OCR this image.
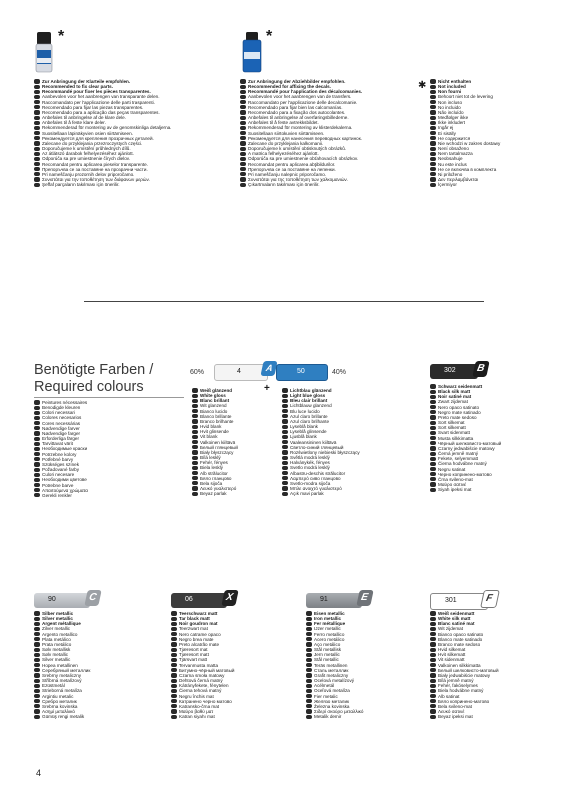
*	*
Zur Anbringung der Klarteile empfohlen.
Recommended to fix clear parts.
Recommandé pour fixer les pièces transparentes.
Aanbevolen voor het aanbrengen van transparante delen.
Raccomandato per l'applicazione delle parti trasparenti.
Recomendado para fijar las piezas transparentes.
Recomendado para a aplicação das peças transparentes.
Anbefales til anbringelse af de klare dele.
Anbefales til å feste klare deler.
Rekommenderad för montering av de genomskinliga detaljerna.
Suositellaan läpinäkyvien osien siirtämiseen.
Рекомендуется для крепления прозрачных деталей.
Zalecane do przyklejania przezroczystych części.
Doporučujeme k umístění průhledných dílů.
Az átlátszó darabok felhelyezéséhez ajánlott.
Odporúča sa pre umiestnenie čírych dielov.
Recomandat pentru aplicarea pieselor transparente.
Препоръчва се за поставяне на прозрачни части.
Pri nameščanju prozornih delov priporočamo.
Συνιστάται για την τοποθέτηση των διάφανων μερών.
Şeffaf parçaların takılması için önerilir.
Zur Anbringung der Abziehbilder empfohlen.
Recommended for affixing the decals.
Recommandé pour l'application des décalcomanies.
Aanbevolen voor het aanbrengen van de transfers.
Raccomandato per l'applicazione delle decalcomanie.
Recomendado para fijar bien las calcomanías.
Recomendado para a fixação dos autocolantes.
Anbefales til anbringelse af overføringsbillederne.
Anbefales til å feste avtrekksbildet.
Rekommenderad för montering av klisterdekalerna.
Suositellaan siirtokuvien siirtämiseen.
Рекомендуется для нанесения переводных картинок.
Zalecane do przyklejania kalkomanii.
Doporučujeme k umístění obtisknutých obrázků.
A matrica felhelyezéséhez ajánlott.
Odporúča sa pre umiestnenie obťahovacích obrázkov.
Recomandat pentru aplicarea abţibildurilor.
Препоръчва се за поставяне на лепенки.
Pri nameščanju nalepnic priporočamo.
Συνιστάται για της τοποθέτηση των χαλκομανιών.
Çıkartmaların takılması için önerilir.
✱	Nicht enthalten
Not included
Non fourni
Behoort niet tot de levering
Non incluso
No incluido
Não incluído
Medfølger ikke
Ikke inkludert
Ingår ej
Ei sisälly
Не содержится
Nie wchodzi w zakres dostawy
Není obsaženo
Nem tartalmazza
Neobsahuje
Nu este inclus
Не се включва в комплекта
Ni priloženo
Δεν περιλαμβάνεται
İçermiyor
Benötigte Farben /
Required colours
60%	4	A	50	40%
+
302 B
Peintures nécessaires
Benodigde kleuren
Colori necessari
Colores necesarios
Cores necessárias
Nødvendige farver
Nødvendige farger
Erforderliga färger
Tarvittavat värit
Необходимые краски
Potrzebne kolory
Potřebné barvy
Szükséges színek
Požadované farby
Culori necesare
Необходими цветове
Potrebne barve
Απαιτούμενα χρώματα
Gerekli renkler
Weiß glänzend
White gloss
Blanc brillant
Wit glanzend
Bianco lucido
Blanco brillante
Branco brilhante
Hvid blank
Hvit glinsende
Vit blank
Valkoinen kiiltävä
Белый глянцевый
Biały błyszczący
Bílá lesklý
Fehér, fényes
Biela lesklý
Alb strălucitor
Бяло гланцово
Bela sijoča
Λευκό γυαλιστερό
Beyaz parlak
Lichtblau glänzend
Light blue gloss
Bleu clair brillant
Lichtblauw glanzend
Blu luce lucido
Azul claro brillante
Azul claro brilhante
Lyseblå blank
Lyseblå glinsende
Ljusblå blank
Vaaleansininen kiiltävä
Светло-синий глянцевый
Rozświetlony niebieski błyszczący
Světlá modrá lesklý
Halványkék, fényes
Svetlo modrá lesklý
Albastru-deschis strălucitor
Λαμπερό сиво гланцово
Svetlo-modra sijoča
Μπλε ανοιχτό γυαλιστερό
Açık mavi parlak
Schwarz seidenmatt
Black silk matt
Noir satiné mat
Zwart zijdemat
Nero opaco satinato
Negro mate satinado
Preto mate sedoso
Sort silkemat
Sort silkematt
Svart sidenmatt
Musta silkkimatta
Чёрный шелковисто-матовый
Czarny jedwabiście matowy
Černá jemně matný
Fekete, selyemmatt
Čierna hodvábne matný
Negru satinat
Черно копринено-матово
Črna svileno-mat
Μαύρο σατινέ
Siyah ipeksi mat
90	C	06	X	91	E	301	F
Silber metallic
Silver metallic
Argent métallique
Zilver metallic
Argento metallico
Plata metálico
Prata metálico
Sølv metallisk
Sølv metallic
Silver metallic
Hopea metallinen
Серебряный металлик
Srebrny metaliczny
Stříbrná metalízový
Ezüstmetál
Strieborná metalíza
Argintiu metalic
Сребро металик
Srebrna kovinska
Ασημί μεταλλικό
Gümüş rengi metalik
Teerschwarz matt
Tar black matt
Noir goudron mat
Teerzwart mat
Nero catrame opaco
Negro brea mate
Preto alcatrão mate
Tjæresort mat
Tjæresort matt
Tjärsvart matt
Tervanmusta matta
Битумно-чёрный матовый
Czarna smoła matowy
Dehtová černá matný
Kátrányfekete, fénytelen
Čierna tehová matný
Negru închis mat
Катранено черно матово
Katransko-črna mat
Μαύρο βαθύ ματ
Katran siyahı mat
Eisen metallic
Iron metallic
Fer métallique
IJzer metallic
Ferro metallico
Acero metálico
Aço metálico
Stål metallisk
Jern metallic
Stål metallic
Teräs metallinen
Сталь металлик
Grafit metaliczny
Ocelová metalízový
Acélmetál
Oceľová metalíza
Fier metalic
Желязо металик
Železna kovinska
Σιδερί σκούρο μεταλλικό
Metalik demir
Weiß seidenmatt
White silk matt
Blanc satiné mat
Wit zijdemat
Bianco opaco satinato
Blanco mate satinado
Branco mate sedoso
Hvid silkemat
Hvit silkematt
Vit sidenmatt
Valkoinen silkkimatta
Белый шелковисто-матовый
Biały jedwabiście matowy
Bílá jemně matný
Fehér, fakóselymes
Biela hodvábne matný
Alb satinat
Бяло копринено-матово
Bela svileno-mat
Λευκό σατινέ
Beyaz ipeksi mat
4
